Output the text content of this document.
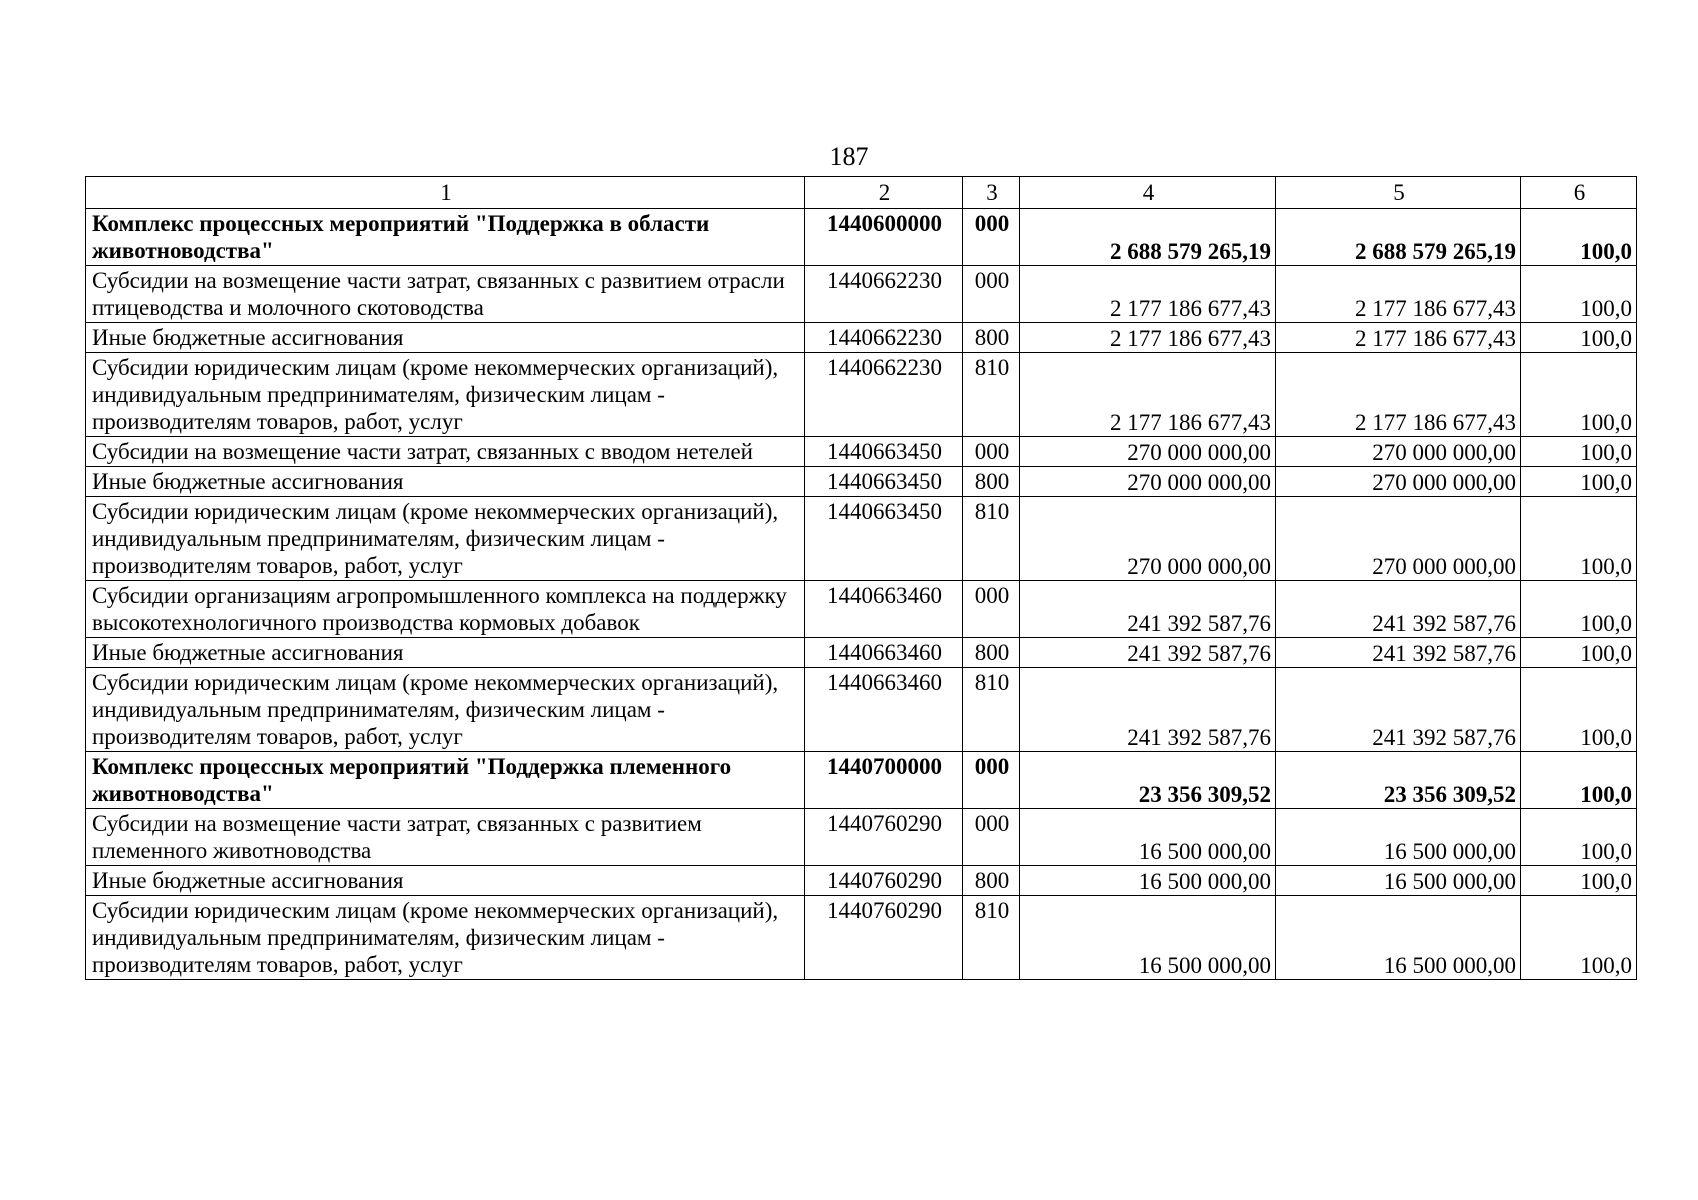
187
1	2	3	4	5	6
Комплекс процессных мероприятий "Поддержка в области животноводства"	1440600000	000	2 688 579 265,19	2 688 579 265,19	100,0
Субсидии на возмещение части затрат, связанных с развитием отрасли птицеводства и молочного скотоводства	1440662230	000	2 177 186 677,43	2 177 186 677,43	100,0
Иные бюджетные ассигнования	1440662230	800	2 177 186 677,43	2 177 186 677,43	100,0
Субсидии юридическим лицам (кроме некоммерческих организаций), индивидуальным предпринимателям, физическим лицам - производителям товаров, работ, услуг	1440662230	810	2 177 186 677,43	2 177 186 677,43	100,0
Субсидии на возмещение части затрат, связанных с вводом нетелей	1440663450	000	270 000 000,00	270 000 000,00	100,0
Иные бюджетные ассигнования	1440663450	800	270 000 000,00	270 000 000,00	100,0
Субсидии юридическим лицам (кроме некоммерческих организаций), индивидуальным предпринимателям, физическим лицам - производителям товаров, работ, услуг	1440663450	810	270 000 000,00	270 000 000,00	100,0
Субсидии организациям агропромышленного комплекса на поддержку высокотехнологичного производства кормовых добавок	1440663460	000	241 392 587,76	241 392 587,76	100,0
Иные бюджетные ассигнования	1440663460	800	241 392 587,76	241 392 587,76	100,0
Субсидии юридическим лицам (кроме некоммерческих организаций), индивидуальным предпринимателям, физическим лицам - производителям товаров, работ, услуг	1440663460	810	241 392 587,76	241 392 587,76	100,0
Комплекс процессных мероприятий "Поддержка племенного животноводства"	1440700000	000	23 356 309,52	23 356 309,52	100,0
Субсидии на возмещение части затрат, связанных с развитием племенного животноводства	1440760290	000	16 500 000,00	16 500 000,00	100,0
Иные бюджетные ассигнования	1440760290	800	16 500 000,00	16 500 000,00	100,0
Субсидии юридическим лицам (кроме некоммерческих организаций), индивидуальным предпринимателям, физическим лицам - производителям товаров, работ, услуг	1440760290	810	16 500 000,00	16 500 000,00	100,0
